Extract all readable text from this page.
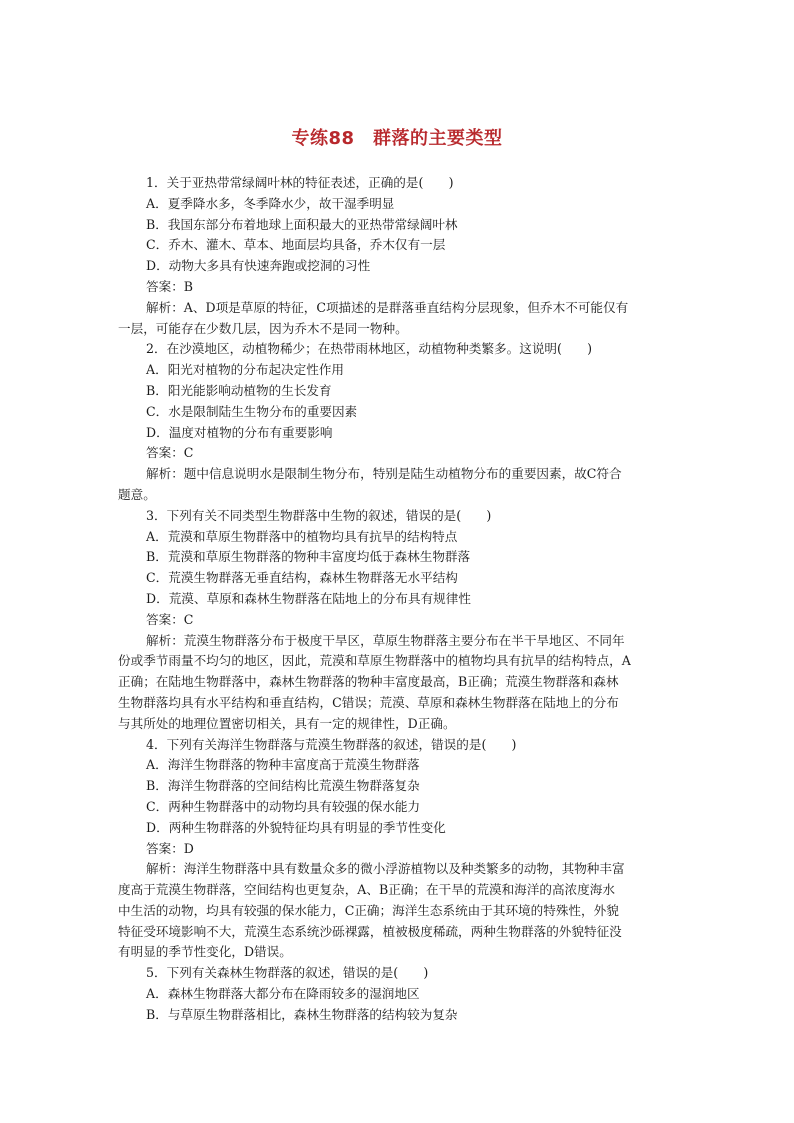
专练88　群落的主要类型
1．关于亚热带常绿阔叶林的特征表述，正确的是(　　)
A．夏季降水多，冬季降水少，故干湿季明显
B．我国东部分布着地球上面积最大的亚热带常绿阔叶林
C．乔木、灌木、草本、地面层均具备，乔木仅有一层
D．动物大多具有快速奔跑或挖洞的习性
答案：B
解析：A、D项是草原的特征，C项描述的是群落垂直结构分层现象，但乔木不可能仅有
一层，可能存在少数几层，因为乔木不是同一物种。
2．在沙漠地区，动植物稀少；在热带雨林地区，动植物种类繁多。这说明(　　)
A．阳光对植物的分布起决定性作用
B．阳光能影响动植物的生长发育
C．水是限制陆生生物分布的重要因素
D．温度对植物的分布有重要影响
答案：C
解析：题中信息说明水是限制生物分布，特别是陆生动植物分布的重要因素，故C符合
题意。
3．下列有关不同类型生物群落中生物的叙述，错误的是(　　)
A．荒漠和草原生物群落中的植物均具有抗旱的结构特点
B．荒漠和草原生物群落的物种丰富度均低于森林生物群落
C．荒漠生物群落无垂直结构，森林生物群落无水平结构
D．荒漠、草原和森林生物群落在陆地上的分布具有规律性
答案：C
解析：荒漠生物群落分布于极度干旱区，草原生物群落主要分布在半干旱地区、不同年
份或季节雨量不均匀的地区，因此，荒漠和草原生物群落中的植物均具有抗旱的结构特点，A
正确；在陆地生物群落中，森林生物群落的物种丰富度最高，B正确；荒漠生物群落和森林
生物群落均具有水平结构和垂直结构，C错误；荒漠、草原和森林生物群落在陆地上的分布
与其所处的地理位置密切相关，具有一定的规律性，D正确。
4．下列有关海洋生物群落与荒漠生物群落的叙述，错误的是(　　)
A．海洋生物群落的物种丰富度高于荒漠生物群落
B．海洋生物群落的空间结构比荒漠生物群落复杂
C．两种生物群落中的动物均具有较强的保水能力
D．两种生物群落的外貌特征均具有明显的季节性变化
答案：D
解析：海洋生物群落中具有数量众多的微小浮游植物以及种类繁多的动物，其物种丰富
度高于荒漠生物群落，空间结构也更复杂，A、B正确；在干旱的荒漠和海洋的高浓度海水
中生活的动物，均具有较强的保水能力，C正确；海洋生态系统由于其环境的特殊性，外貌
特征受环境影响不大，荒漠生态系统沙砾裸露，植被极度稀疏，两种生物群落的外貌特征没
有明显的季节性变化，D错误。
5．下列有关森林生物群落的叙述，错误的是(　　)
A．森林生物群落大都分布在降雨较多的湿润地区
B．与草原生物群落相比，森林生物群落的结构较为复杂
